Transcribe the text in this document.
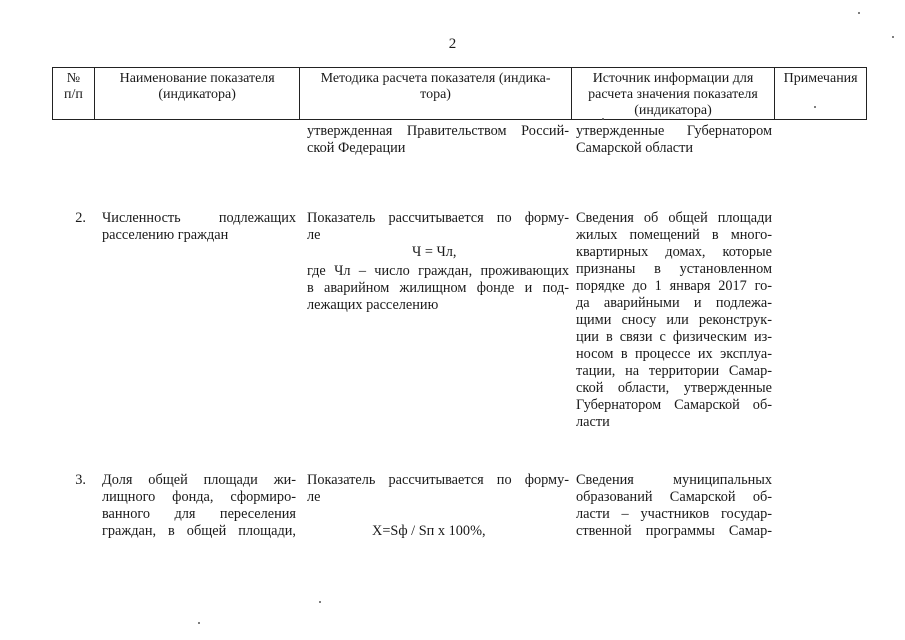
2
№
п/п
Наименование показателя
(индикатора)
Методика расчета показателя (индика-
тора)
Источник информации для
расчета значения показателя
(индикатора)
Примечания
утвержденная Правительством Россий-
ской Федерации
утвержденные Губернатором
Самарской области
2. Численность подлежащих
расселению граждан
Показатель рассчитывается по форму-
ле
Ч = Чл,
где Чл – число граждан, проживающих
в аварийном жилищном фонде и под-
лежащих расселению
Сведения об общей площади
жилых помещений в много-
квартирных домах, которые
признаны в установленном
порядке до 1 января 2017 го-
да аварийными и подлежа-
щими сносу или реконструк-
ции в связи с физическим из-
носом в процессе их эксплуа-
тации, на территории Самар-
ской области, утвержденные
Губернатором Самарской об-
ласти
3. Доля общей площади жи-
лищного фонда, сформиро-
ванного для переселения
граждан, в общей площади,
Показатель рассчитывается по форму-
ле
X=Sф / Sп х 100%,
Сведения муниципальных
образований Самарской об-
ласти – участников государ-
ственной программы Самар-
